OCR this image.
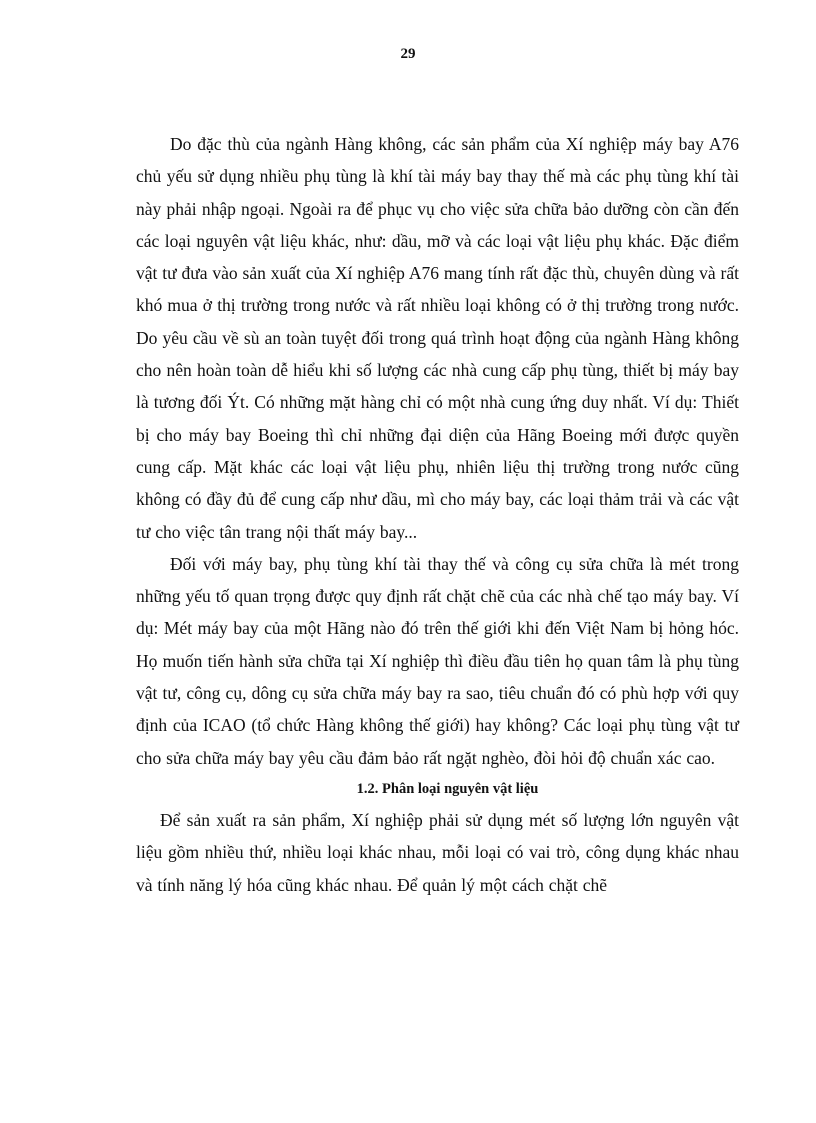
29

Do đặc thù của ngành Hàng không, các sản phẩm của Xí nghiệp máy bay A76 chủ yếu sử dụng nhiều phụ tùng là khí tài máy bay thay thế mà các phụ tùng khí tài này phải nhập ngoại. Ngoài ra để phục vụ cho việc sửa chữa bảo dưỡng còn cần đến các loại nguyên vật liệu khác, như: dầu, mỡ và các loại vật liệu phụ khác. Đặc điểm vật tư đưa vào sản xuất của Xí nghiệp A76 mang tính rất đặc thù, chuyên dùng và rất khó mua ở thị trường trong nước và rất nhiều loại không có ở thị trường trong nước. Do yêu cầu về sù an toàn tuyệt đối trong quá trình hoạt động của ngành Hàng không cho nên hoàn toàn dễ hiểu khi số lượng các nhà cung cấp phụ tùng, thiết bị máy bay là tương đối Ýt. Có những mặt hàng chỉ có một nhà cung ứng duy nhất. Ví dụ: Thiết bị cho máy bay Boeing thì chỉ những đại diện của Hãng Boeing mới được quyền cung cấp. Mặt khác các loại vật liệu phụ, nhiên liệu thị trường trong nước cũng không có đầy đủ để cung cấp như dầu, mì cho máy bay, các loại thảm trải và các vật tư cho việc tân trang nội thất máy bay...

Đối với máy bay, phụ tùng khí tài thay thế và công cụ sửa chữa là mét trong những yếu tố quan trọng được quy định rất chặt chẽ của các nhà chế tạo máy bay. Ví dụ: Mét máy bay của một Hãng nào đó trên thế giới khi đến Việt Nam bị hỏng hóc. Họ muốn tiến hành sửa chữa tại Xí nghiệp thì điều đầu tiên họ quan tâm là phụ tùng vật tư, công cụ, dông cụ sửa chữa máy bay ra sao, tiêu chuẩn đó có phù hợp với quy định của ICAO (tổ chức Hàng không thế giới) hay không? Các loại phụ tùng vật tư cho sửa chữa máy bay yêu cầu đảm bảo rất ngặt nghèo, đòi hỏi độ chuẩn xác cao.

1.2. Phân loại nguyên vật liệu

Để sản xuất ra sản phẩm, Xí nghiệp phải sử dụng mét số lượng lớn nguyên vật liệu gồm nhiều thứ, nhiều loại khác nhau, mỗi loại có vai trò, công dụng khác nhau và tính năng lý hóa cũng khác nhau. Để quản lý một cách chặt chẽ
